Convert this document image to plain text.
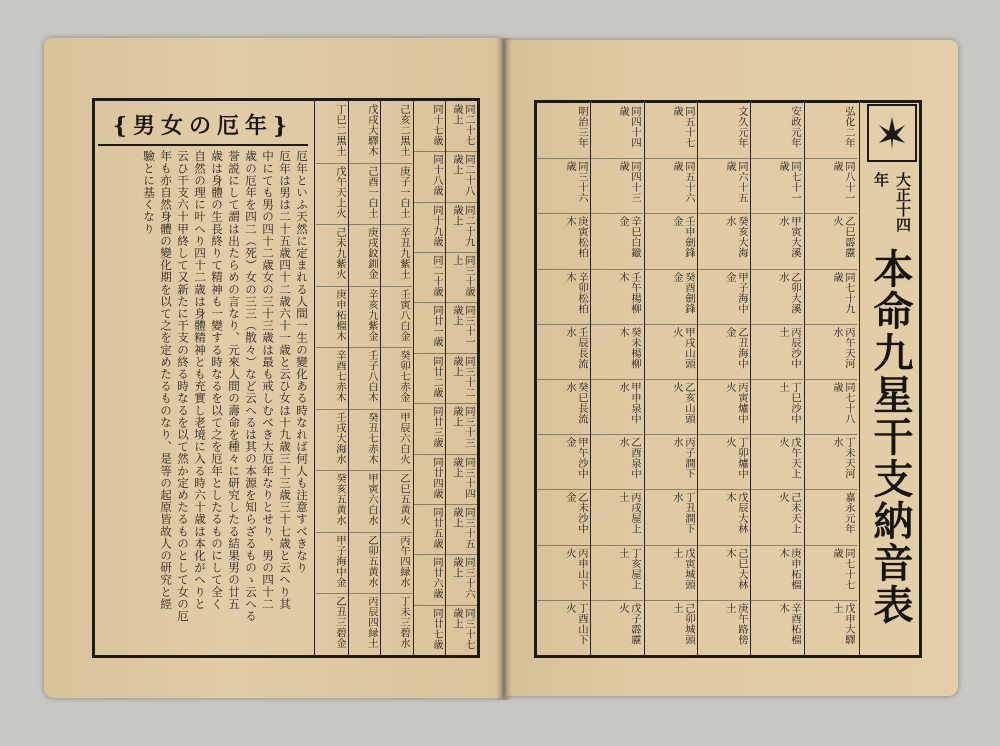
{男女の厄年}
厄年といふ天然に定まれる人間一生の變化ある時なれば何人も注意すべきなり
厄年は男は二十五歳四十二歳六十一歳と云ひ女は十九歳三十三歳三十七歳と云へり其
中にても男の四十二歳女の三十三歳は最も戒しむべき大厄年なりとせり、男の四十二
歳の厄年を四二（死）女の三三（散々）など云へるは其の本源を知らざるものゝ云へる
誉説にして謂は出たらめの言なり、元來人間の壽命を種々に研究したる結果男の廿五
歳は身體の生長終りて精神も一變する時なるを以て之を厄年としたるものにして全く
自然の理に叶へり四十二歳は身體精神とも充實し老境に入る時六十歳は本化がへりと
云ひ干支六十甲終して又新たに干支の終る時なるを以て然か定めたるものとして女の厄
年も亦自然身體の變化期を以て之を定めたるものなり、是等の起原皆故人の研究と經
驗とに基くなり	大正十四年
本命九星干支納音表
同二十七歳上
同二十八歳上
同二十九歳上
同三十歳上
同三十一歳上
同三十二歳上
同三十三歳上
同三十四歳上
同三十五歳上
同三十六歳上
同三十七歳上
同十七歳
同十八歳
同十九歳
同二十歳
同廿一歳
同廿二歳
同廿三歳
同廿四歳
同廿五歳
同廿六歳
同廿七歳
己亥二黒土
庚子一白土
辛丑九紫土
壬寅八白金
癸卯七赤金
甲辰六白火
乙巳五黄火
丙午四緑水
丁未三碧水
戊戌大驛木
己酉一白土
庚戌鈫釧金
辛亥九紫金
壬子八白木
癸丑七赤木
甲寅六白水
乙卯五黄水
丙辰四緑土
丁巳二黒土
戊午天上火
己未九紫火
庚申柘榴木
辛酉七赤木
壬戌大海水
癸亥五黄水
甲子海中金
乙丑三碧金
弘化二年
同八十一歳
乙巳霹靂火
同七十九歳
丙午天河水
同七十八歳
丁未天河水
嘉永元年
同七十七歳
戊申大驛土
安政元年
同七十一歳
甲寅大溪水
乙卯大溪水
丙辰沙中土
丁巳沙中土
戊午天上火
己未天上火
庚申柘榴木
辛酉柘榴木
文久元年
同六十五歳
癸亥大海水
甲子海中金
乙丑海中金
丙寅爐中火
丁卯爐中火
戊辰大林木
己巳大林木
庚午路傍土
同五十七歳
同五十六歳
壬申劍鋒金
癸酉劍鋒金
甲戌山頭火
乙亥山頭火
丙子澗下水
丁丑澗下水
戊寅城頭土
己卯城頭土
同四十四歳
同四十三歳
辛巳白鑞金
壬午楊柳木
癸未楊柳木
甲申泉中水
乙酉泉中水
丙戌屋上土
丁亥屋上土
戊子霹靂火
明治三年
同三十六歳
庚寅松柏木
辛卯松柏木
壬辰長流水
癸巳長流水
甲午沙中金
乙未沙中金
丙申山下火
丁酉山下火
